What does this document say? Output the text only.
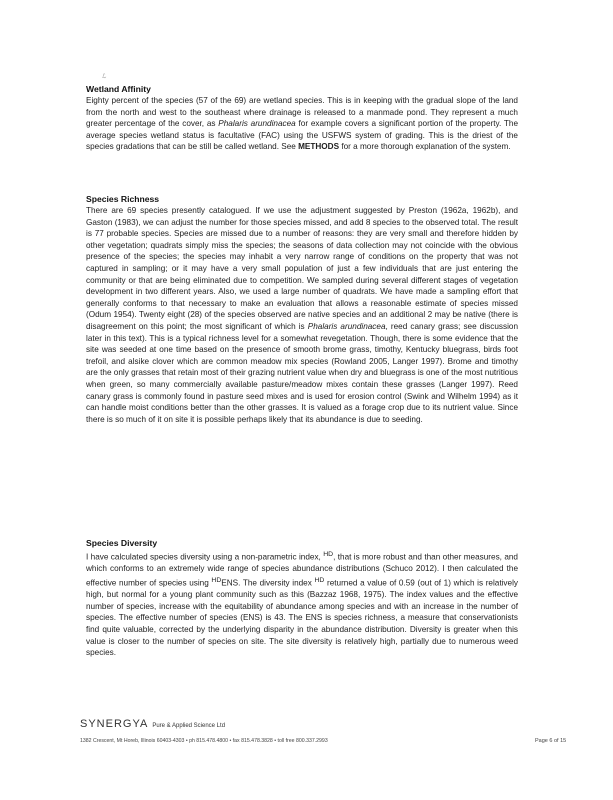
ℒ

Wetland Affinity

Eighty percent of the species (57 of the 69) are wetland species. This is in keeping with the gradual slope of the land from the north and west to the southeast where drainage is released to a manmade pond. They represent a much greater percentage of the cover, as Phalaris arundinacea for example covers a significant portion of the property. The average species wetland status is facultative (FAC) using the USFWS system of grading. This is the driest of the species gradations that can be still be called wetland. See METHODS for a more thorough explanation of the system.

Species Richness

There are 69 species presently catalogued. If we use the adjustment suggested by Preston (1962a, 1962b), and Gaston (1983), we can adjust the number for those species missed, and add 8 species to the observed total. The result is 77 probable species. Species are missed due to a number of reasons: they are very small and therefore hidden by other vegetation; quadrats simply miss the species; the seasons of data collection may not coincide with the obvious presence of the species; the species may inhabit a very narrow range of conditions on the property that was not captured in sampling; or it may have a very small population of just a few individuals that are just entering the community or that are being eliminated due to competition. We sampled during several different stages of vegetation development in two different years. Also, we used a large number of quadrats. We have made a sampling effort that generally conforms to that necessary to make an evaluation that allows a reasonable estimate of species missed (Odum 1954). Twenty eight (28) of the species observed are native species and an additional 2 may be native (there is disagreement on this point; the most significant of which is Phalaris arundinacea, reed canary grass; see discussion later in this text). This is a typical richness level for a somewhat revegetation. Though, there is some evidence that the site was seeded at one time based on the presence of smooth brome grass, timothy, Kentucky bluegrass, birds foot trefoil, and alsike clover which are common meadow mix species (Rowland 2005, Langer 1997). Brome and timothy are the only grasses that retain most of their grazing nutrient value when dry and bluegrass is one of the most nutritious when green, so many commercially available pasture/meadow mixes contain these grasses (Langer 1997). Reed canary grass is commonly found in pasture seed mixes and is used for erosion control (Swink and Wilhelm 1994) as it can handle moist conditions better than the other grasses. It is valued as a forage crop due to its nutrient value. Since there is so much of it on site it is possible perhaps likely that its abundance is due to seeding.

Species Diversity

I have calculated species diversity using a non-parametric index, $^{HD}$, that is more robust and than other measures, and which conforms to an extremely wide range of species abundance distributions (Schuco 2012). I then calculated the effective number of species using $^{HD}$ENS. The diversity index $^{HD}$ returned a value of 0.59 (out of 1) which is relatively high, but normal for a young plant community such as this (Bazzaz 1968, 1975). The index values and the effective number of species, increase with the equitability of abundance among species and with an increase in the number of species. The effective number of species (ENS) is 43. The ENS is species richness, a measure that conservationists find quite valuable, corrected by the underlying disparity in the abundance distribution. Diversity is greater when this value is closer to the number of species on site. The site diversity is relatively high, partially due to numerous weed species.

SYNERGYA Pure & Applied Science Ltd
1382 Crescent, Mt Horeb, Illinois 60403-4303 • ph 815.478.4800 • fax 815.478.3828 • toll free 800.337.2993	Page 6 of 15
